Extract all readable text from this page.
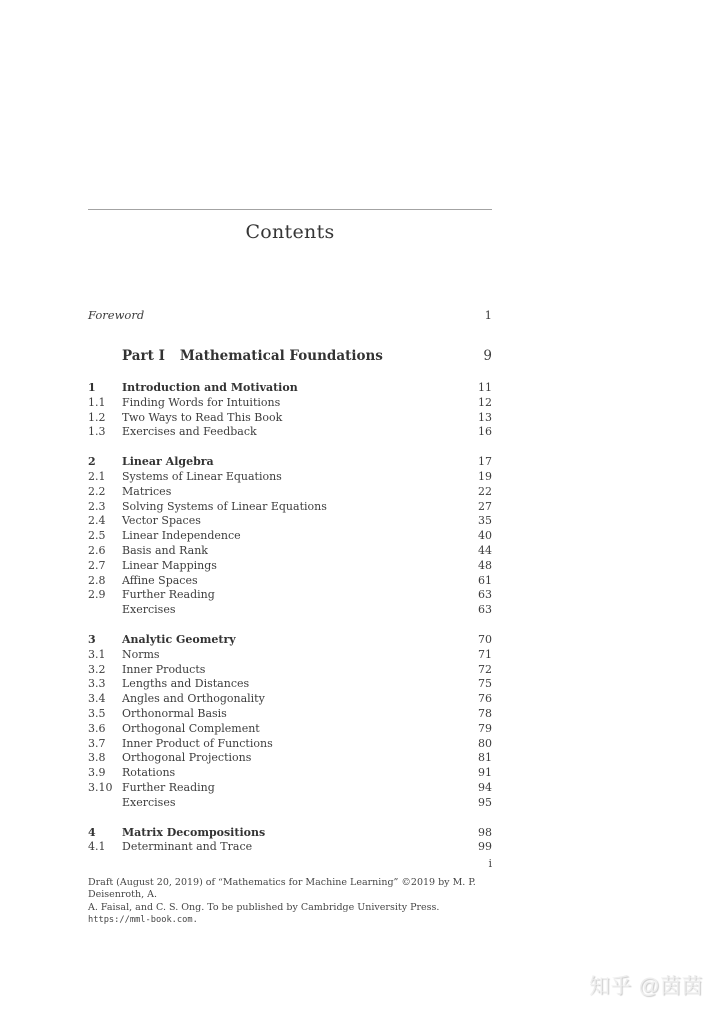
Contents
Foreword	1
Part I Mathematical Foundations	9
1	Introduction and Motivation	11
1.1	Finding Words for Intuitions	12
1.2	Two Ways to Read This Book	13
1.3	Exercises and Feedback	16
2	Linear Algebra	17
2.1	Systems of Linear Equations	19
2.2	Matrices	22
2.3	Solving Systems of Linear Equations	27
2.4	Vector Spaces	35
2.5	Linear Independence	40
2.6	Basis and Rank	44
2.7	Linear Mappings	48
2.8	Affine Spaces	61
2.9	Further Reading	63
Exercises	63
3	Analytic Geometry	70
3.1	Norms	71
3.2	Inner Products	72
3.3	Lengths and Distances	75
3.4	Angles and Orthogonality	76
3.5	Orthonormal Basis	78
3.6	Orthogonal Complement	79
3.7	Inner Product of Functions	80
3.8	Orthogonal Projections	81
3.9	Rotations	91
3.10 Further Reading	94
Exercises	95
4	Matrix Decompositions	98
4.1	Determinant and Trace	99
i
Draft (August 20, 2019) of “Mathematics for Machine Learning” ©2019 by M. P. Deisenroth, A.
A. Faisal, and C. S. Ong. To be published by Cambridge University Press. https://mml-book.com.
知乎 @茵茵
